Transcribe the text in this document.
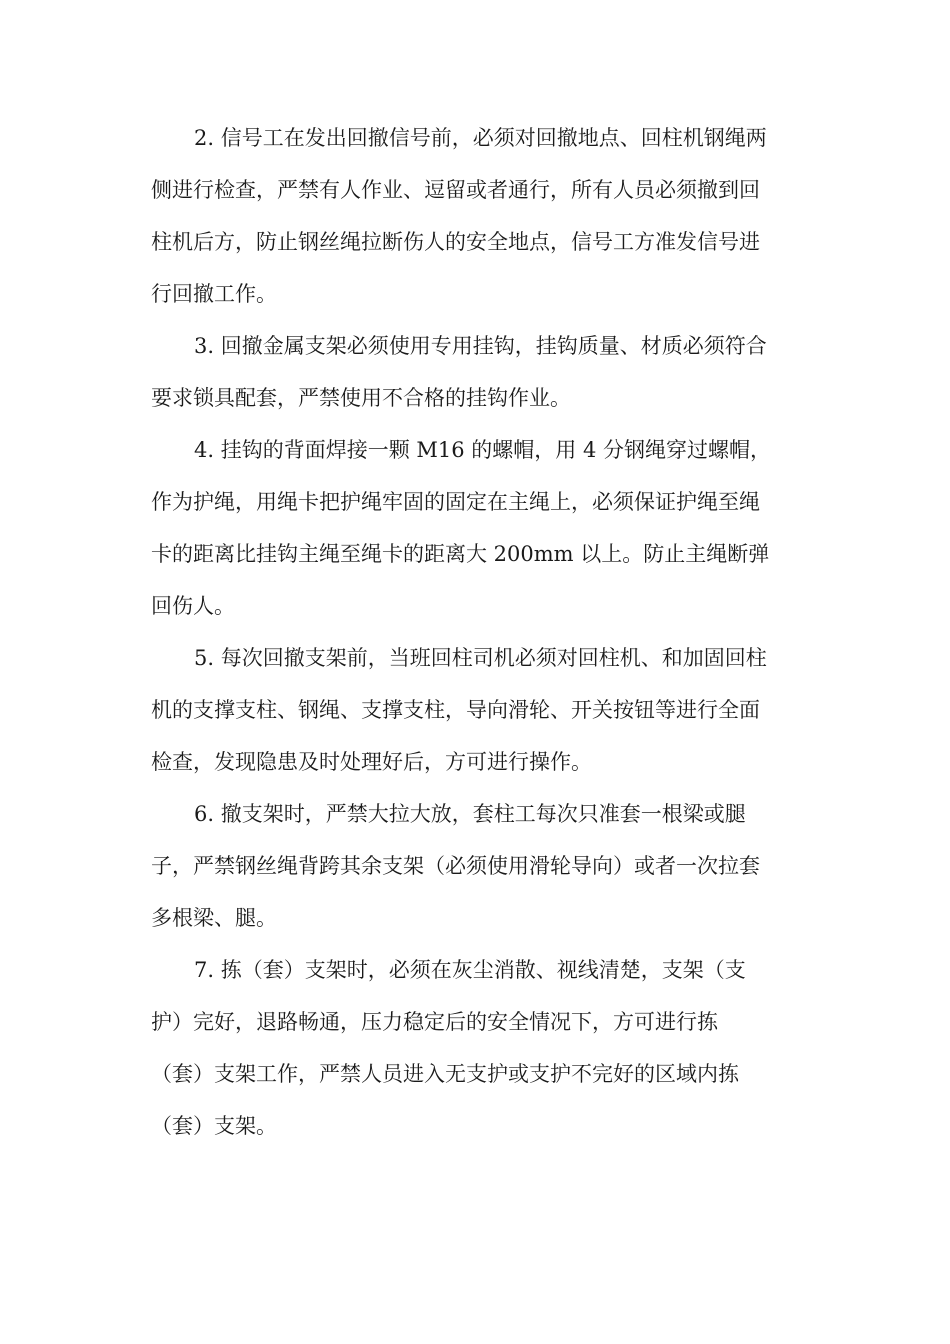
2. 信号工在发出回撤信号前，必须对回撤地点、回柱机钢绳两
侧进行检查，严禁有人作业、逗留或者通行，所有人员必须撤到回
柱机后方，防止钢丝绳拉断伤人的安全地点，信号工方准发信号进
行回撤工作。
3. 回撤金属支架必须使用专用挂钩，挂钩质量、材质必须符合
要求锁具配套，严禁使用不合格的挂钩作业。
4. 挂钩的背面焊接一颗 M16 的螺帽，用 4 分钢绳穿过螺帽，
作为护绳，用绳卡把护绳牢固的固定在主绳上，必须保证护绳至绳
卡的距离比挂钩主绳至绳卡的距离大 200mm 以上。防止主绳断弹
回伤人。
5. 每次回撤支架前，当班回柱司机必须对回柱机、和加固回柱
机的支撑支柱、钢绳、支撑支柱，导向滑轮、开关按钮等进行全面
检查，发现隐患及时处理好后，方可进行操作。
6. 撤支架时，严禁大拉大放，套柱工每次只准套一根梁或腿
子，严禁钢丝绳背跨其余支架（必须使用滑轮导向）或者一次拉套
多根梁、腿。
7. 拣（套）支架时，必须在灰尘消散、视线清楚，支架（支
护）完好，退路畅通，压力稳定后的安全情况下，方可进行拣
（套）支架工作，严禁人员进入无支护或支护不完好的区域内拣
（套）支架。
